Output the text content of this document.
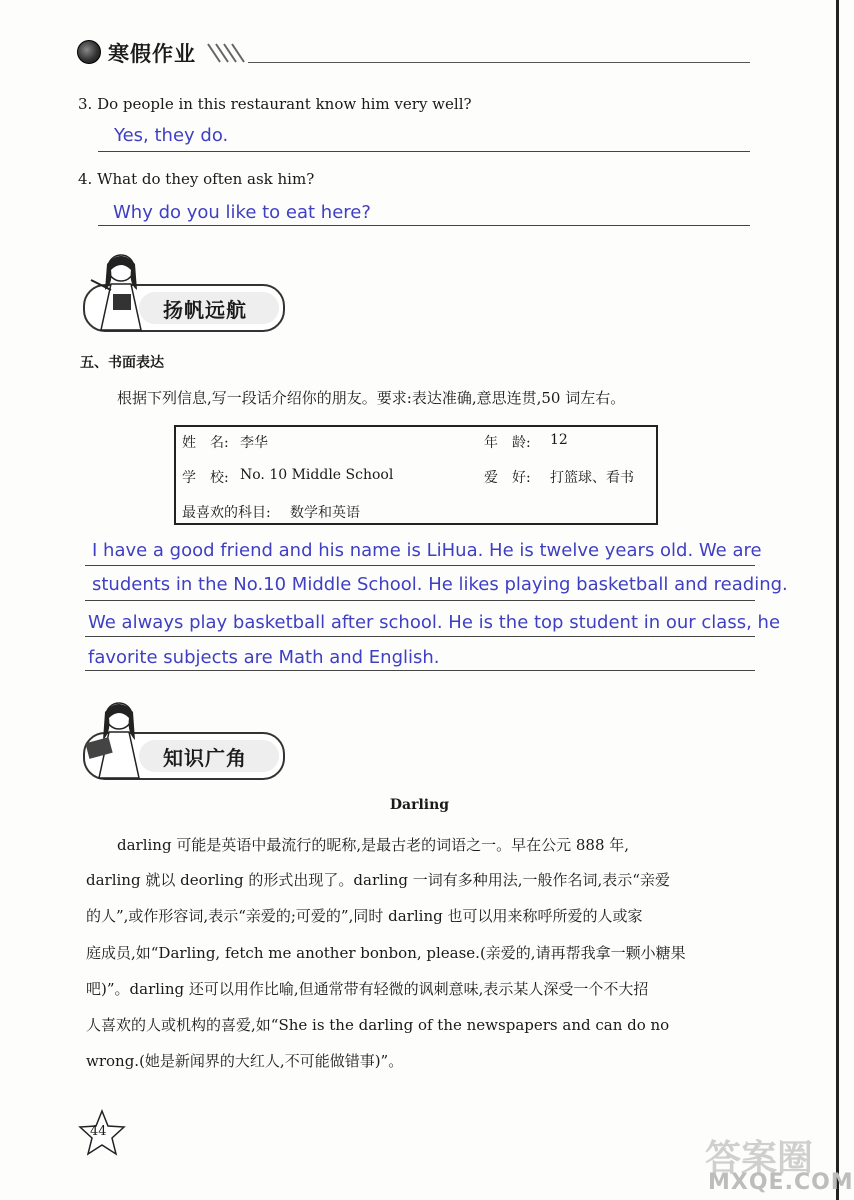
寒假作业
3. Do people in this restaurant know him very well?
Yes, they do.
4. What do they often ask him?
Why do you like to eat here?
扬帆远航
五、书面表达
根据下列信息,写一段话介绍你的朋友。要求:表达准确,意思连贯,50 词左右。
姓　名: 李华	年　龄: 12
学　校: No. 10 Middle School	爱　好: 打篮球、看书
最喜欢的科目: 数学和英语
I have a good friend and his name is LiHua. He is twelve years old. We are
students in the No.10 Middle School. He likes playing basketball and reading.
We always play basketball after school. He is the top student in our class, he
favorite subjects are Math and English.
知识广角
Darling
darling 可能是英语中最流行的昵称,是最古老的词语之一。早在公元 888 年,
darling 就以 deorling 的形式出现了。darling 一词有多种用法,一般作名词,表示“亲爱
的人”,或作形容词,表示“亲爱的;可爱的”,同时 darling 也可以用来称呼所爱的人或家
庭成员,如“Darling, fetch me another bonbon, please.(亲爱的,请再帮我拿一颗小糖果
吧)”。darling 还可以用作比喻,但通常带有轻微的讽刺意味,表示某人深受一个不大招
人喜欢的人或机构的喜爱,如“She is the darling of the newspapers and can do no
wrong.(她是新闻界的大红人,不可能做错事)”。
44
答案圈
MXQE.COM
